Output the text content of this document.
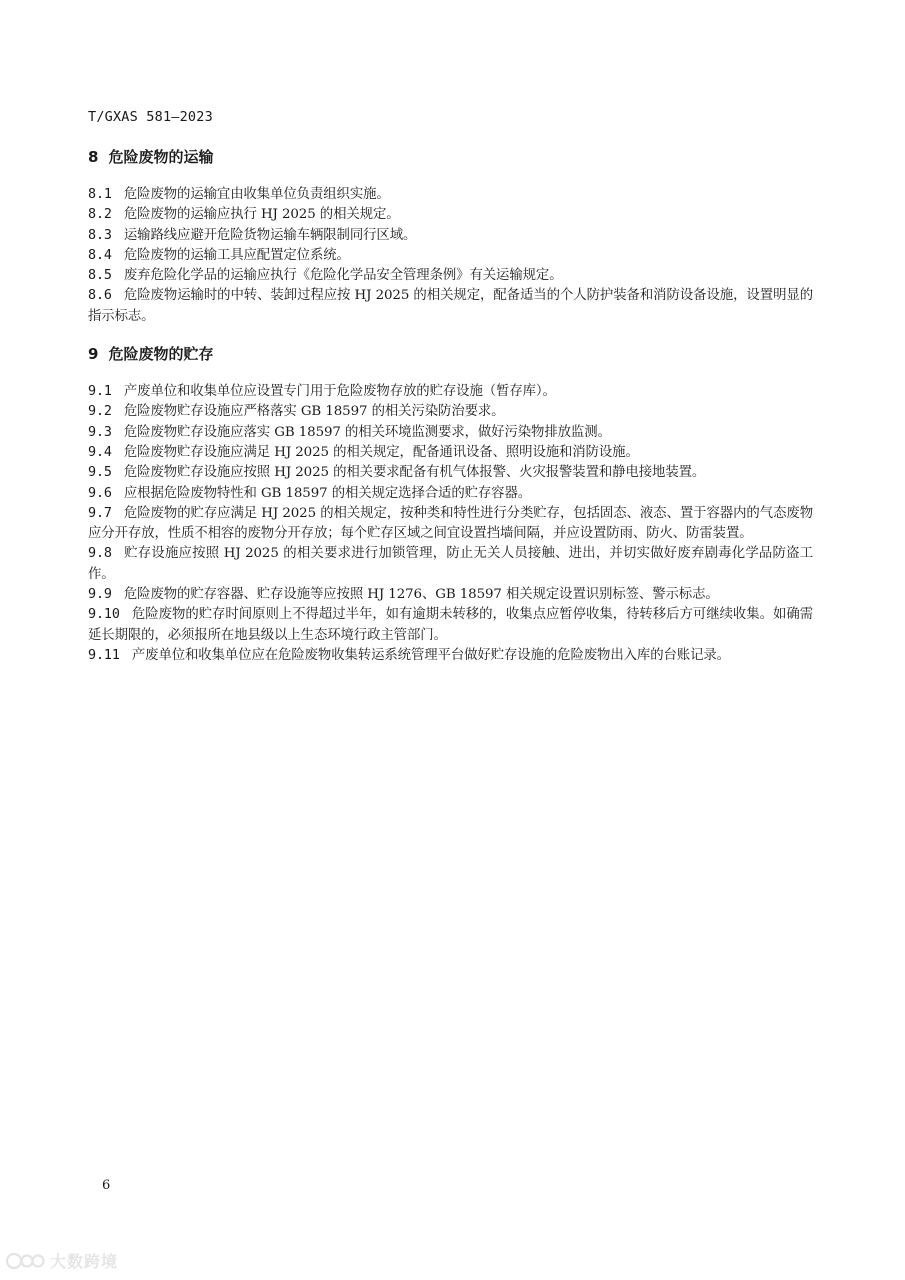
T/GXAS 581—2023
8 危险废物的运输

8.1 危险废物的运输宜由收集单位负责组织实施。

8.2 危险废物的运输应执行 HJ 2025 的相关规定。

8.3 运输路线应避开危险货物运输车辆限制同行区域。

8.4 危险废物的运输工具应配置定位系统。

8.5 废弃危险化学品的运输应执行《危险化学品安全管理条例》有关运输规定。

8.6 危险废物运输时的中转、装卸过程应按 HJ 2025 的相关规定，配备适当的个人防护装备和消防设备设施，设置明显的指示标志。

9 危险废物的贮存

9.1 产废单位和收集单位应设置专门用于危险废物存放的贮存设施（暂存库）。

9.2 危险废物贮存设施应严格落实 GB 18597 的相关污染防治要求。

9.3 危险废物贮存设施应落实 GB 18597 的相关环境监测要求，做好污染物排放监测。

9.4 危险废物贮存设施应满足 HJ 2025 的相关规定，配备通讯设备、照明设施和消防设施。

9.5 危险废物贮存设施应按照 HJ 2025 的相关要求配备有机气体报警、火灾报警装置和静电接地装置。

9.6 应根据危险废物特性和 GB 18597 的相关规定选择合适的贮存容器。

9.7 危险废物的贮存应满足 HJ 2025 的相关规定，按种类和特性进行分类贮存，包括固态、液态、置于容器内的气态废物应分开存放，性质不相容的废物分开存放；每个贮存区域之间宜设置挡墙间隔，并应设置防雨、防火、防雷装置。

9.8 贮存设施应按照 HJ 2025 的相关要求进行加锁管理，防止无关人员接触、进出，并切实做好废弃剧毒化学品防盗工作。

9.9 危险废物的贮存容器、贮存设施等应按照 HJ 1276、GB 18597 相关规定设置识别标签、警示标志。

9.10 危险废物的贮存时间原则上不得超过半年，如有逾期未转移的，收集点应暂停收集，待转移后方可继续收集。如确需延长期限的，必须报所在地县级以上生态环境行政主管部门。

9.11 产废单位和收集单位应在危险废物收集转运系统管理平台做好贮存设施的危险废物出入库的台账记录。

6
大数跨境
